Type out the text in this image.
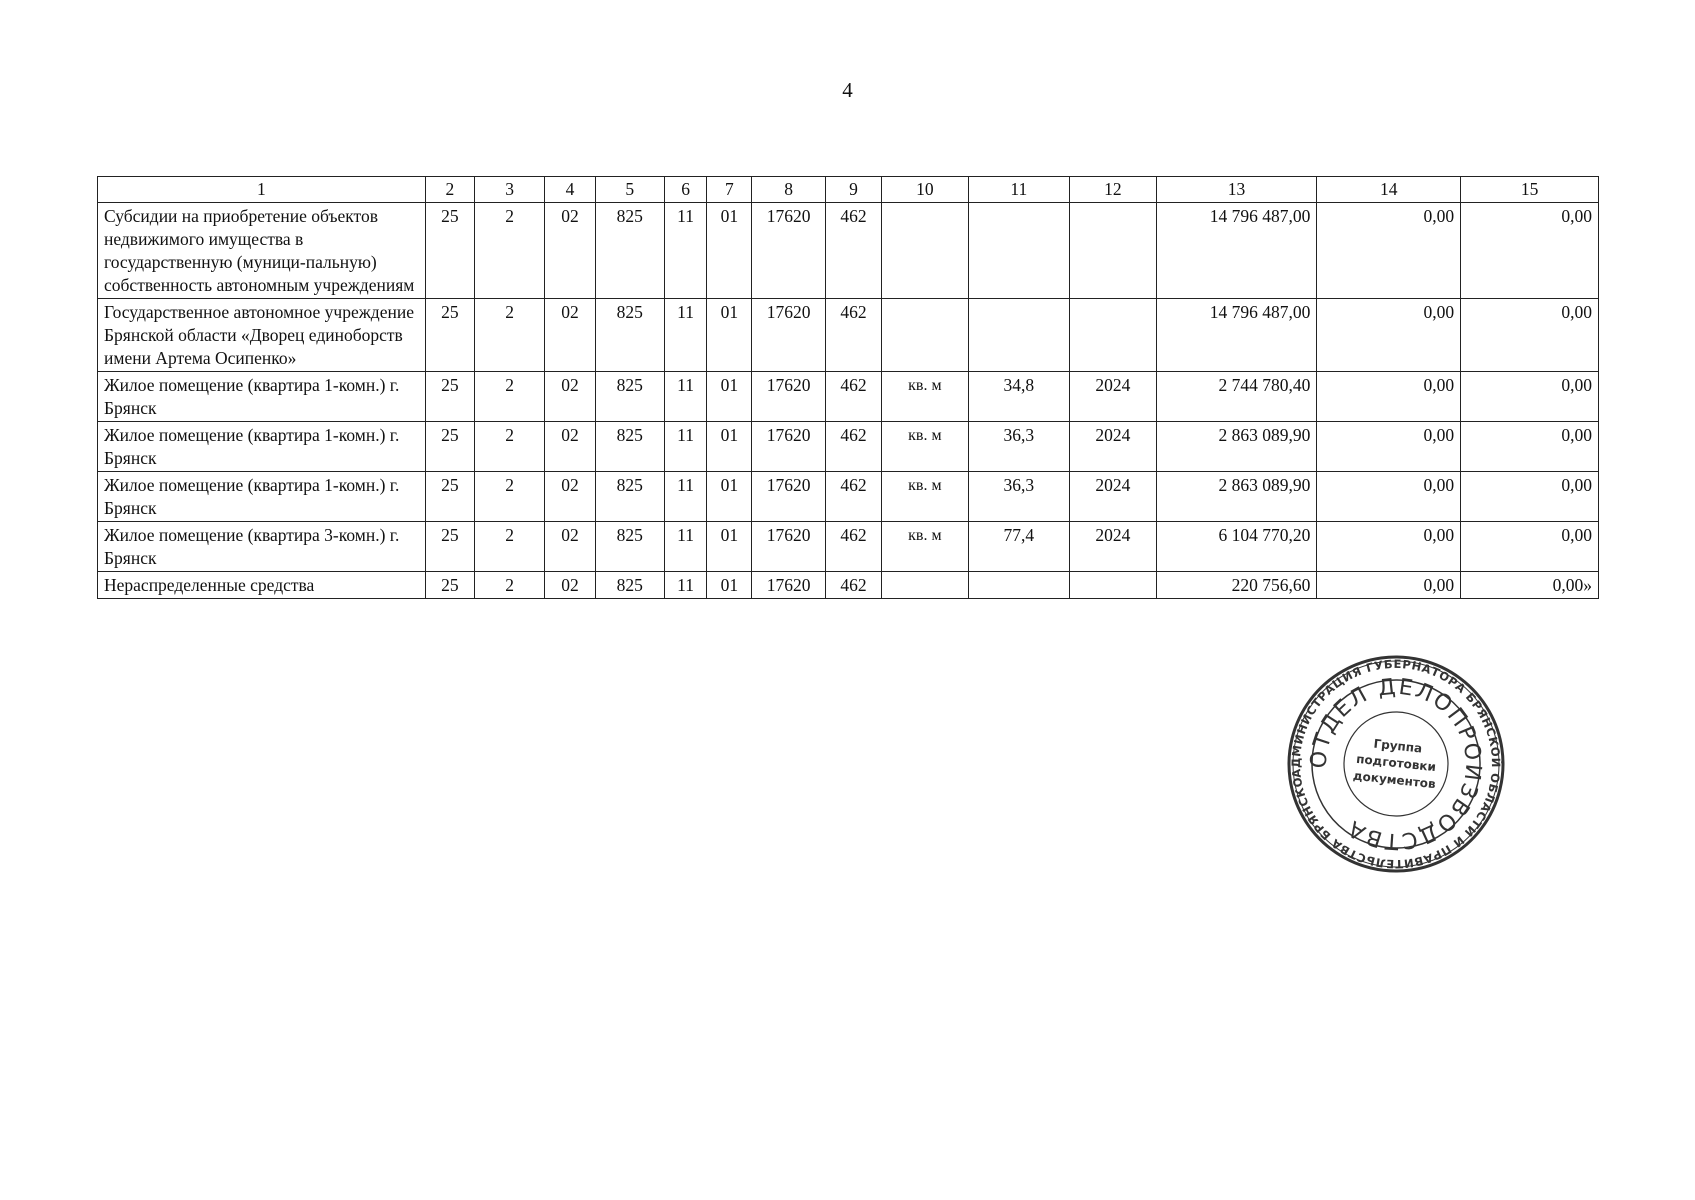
4
1	2	3	4	5	6	7	8	9	10	11	12	13	14	15
Субсидии на приобретение объектов недвижимого имущества в государственную (муници-пальную) собственность автономным учреждениям	25	2	02	825	11	01	17620	462				14 796 487,00	0,00	0,00
Государственное автономное учреждение Брянской области «Дворец единоборств имени Артема Осипенко»	25	2	02	825	11	01	17620	462				14 796 487,00	0,00	0,00
Жилое помещение (квартира 1-комн.) г. Брянск	25	2	02	825	11	01	17620	462	кв. м	34,8	2024	2 744 780,40	0,00	0,00
Жилое помещение (квартира 1-комн.) г. Брянск	25	2	02	825	11	01	17620	462	кв. м	36,3	2024	2 863 089,90	0,00	0,00
Жилое помещение (квартира 1-комн.) г. Брянск	25	2	02	825	11	01	17620	462	кв. м	36,3	2024	2 863 089,90	0,00	0,00
Жилое помещение (квартира 3-комн.) г. Брянск	25	2	02	825	11	01	17620	462	кв. м	77,4	2024	6 104 770,20	0,00	0,00
Нераспределенные средства	25	2	02	825	11	01	17620	462				220 756,60	0,00	0,00»
АДМИНИСТРАЦИЯ ГУБЕРНАТОРА БРЯНСКОЙ ОБЛАСТИ И ПРАВИТЕЛЬСТВА БРЯНСКОЙ
ОТДЕЛ ДЕЛОПРОИЗВОДСТВА
Группа
подготовки
документов
